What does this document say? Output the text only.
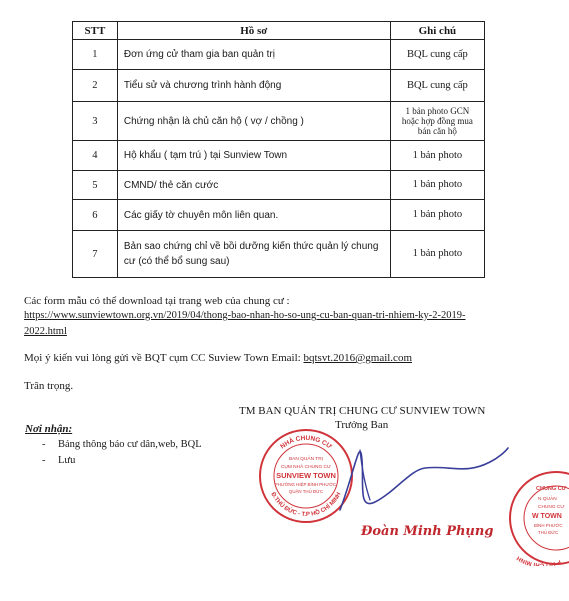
STT	Hồ sơ	Ghi chú
1	Đơn ứng cử tham gia ban quản trị	BQL cung cấp
2	Tiểu sử và chương trình hành động	BQL cung cấp
3	Chứng nhận là chủ căn hộ ( vợ / chồng )	1 bản photo GCN hoặc hợp đồng mua bán căn hộ
4	Hộ khẩu ( tạm trú ) tại Sunview Town	1 bản photo
5	CMND/ thẻ căn cước	1 bản photo
6	Các giấy tờ chuyên môn liên quan.	1 bản photo
7	Bản sao chứng chỉ về bồi dưỡng kiến thức quản lý chung cư (có thể bổ sung sau)	1 bản photo
Các form mẫu có thể download tại trang web của chung cư :
https://www.sunviewtown.org.vn/2019/04/thong-bao-nhan-ho-so-ung-cu-ban-quan-tri-nhiem-ky-2-2019-
2022.html
Mọi ý kiến vui lòng gửi về BQT cụm CC Suview Town Email: bqtsvt.2016@gmail.com
Trân trọng.
Nơi nhận:
- Bảng thông báo cư dân,web, BQL
- Lưu
TM BAN QUẢN TRỊ CHUNG CƯ SUNVIEW TOWN
Trưởng Ban
NHÀ CHUNG CƯ
Đ.THỦ ĐỨC - T.P HỒ CHÍ MINH
BAN QUẢN TRỊ
CỤM NHÀ CHUNG CƯ
SUNVIEW TOWN
PHƯỜNG HIỆP BÌNH PHƯỚC,
QUẬN THỦ ĐỨC
Đoàn Minh Phụng
CHUNG CƯ
N QUẢN
CHUNG CƯ
W TOWN
BÌNH PHƯỚC
THỦ ĐỨC
P HỒ CHÍ MINH
